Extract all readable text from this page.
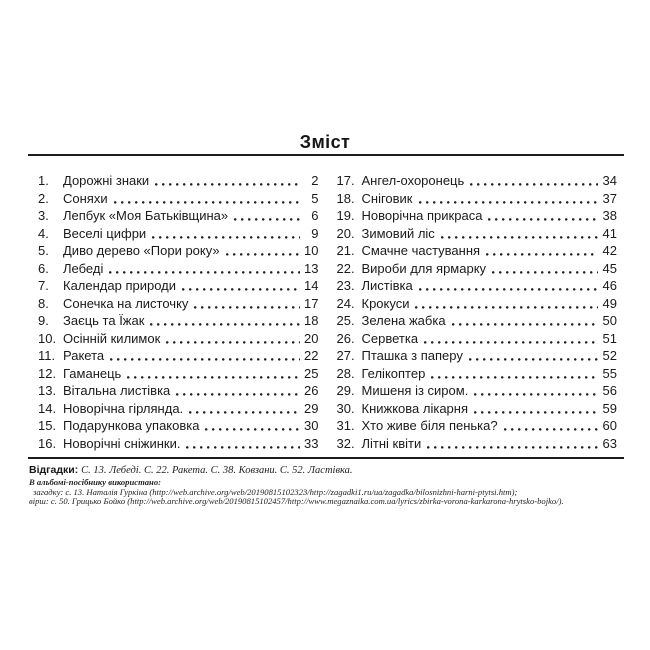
Зміст
1.	Дорожні знаки	2
2.	Соняхи	5
3.	Лепбук «Моя Батьківщина»	6
4.	Веселі цифри	9
5.	Диво дерево «Пори року»	10
6.	Лебеді	13
7.	Календар природи	14
8.	Сонечка на листочку	17
9.	Заєць та Їжак	18
10. Осінній килимок	20
11. Ракета	22
12. Гаманець	25
13. Вітальна листівка	26
14. Новорічна гірлянда.	29
15. Подарункова упаковка	30
16. Новорічні сніжинки.	33
17. Ангел-охоронець	34
18. Сніговик	37
19. Новорічна прикраса	38
20. Зимовий ліс	41
21. Смачне частування	42
22. Вироби для ярмарку	45
23. Листівка	46
24. Крокуси	49
25. Зелена жабка	50
26. Серветка	51
27. Пташка з паперу	52
28. Гелікоптер	55
29. Мишеня із сиром.	56
30. Книжкова лікарня	59
31. Хто живе біля пенька?	60
32. Літні квіти	63
Відгадки: С. 13. Лебеді. С. 22. Ракета. С. 38. Ковзани. С. 52. Ластівка.
В альбомі-посібнику використано:
загадку: с. 13. Наталія Гуркіна (http://web.archive.org/web/20190815102323/http://zagadki1.ru/ua/zagadka/bilosnizhni-harni-ptytsi.htm);
вірш: с. 50. Грицько Бойко (http://web.archive.org/web/20190815102457/http://www.megaznaika.com.ua/lyrics/zbirka-vorona-karkarona-hrytsko-bojko/).
